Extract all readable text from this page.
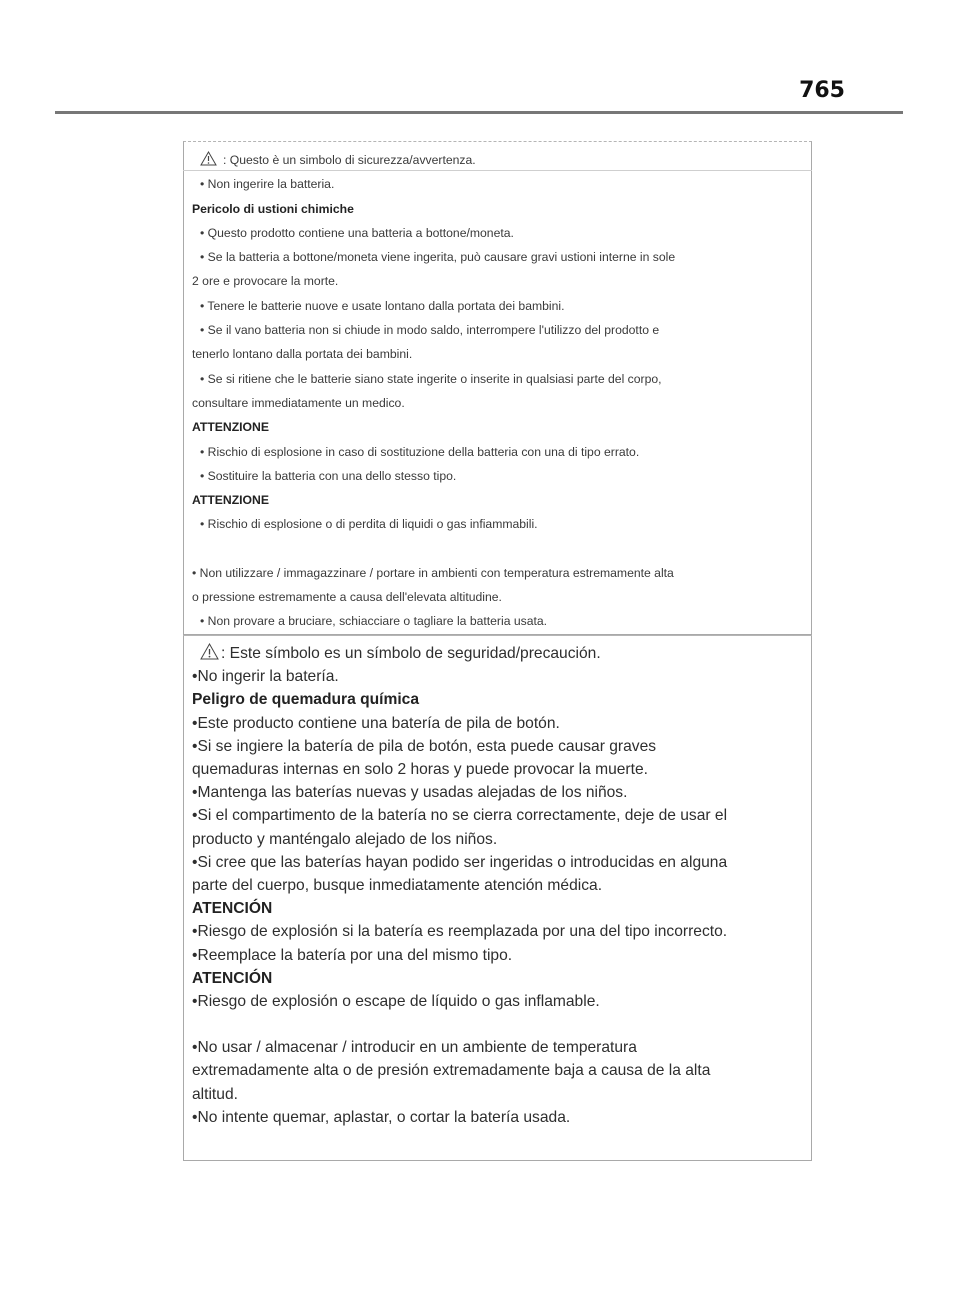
765

: Questo è un simbolo di sicurezza/avvertenza.

• Non ingerire la batteria.

Pericolo di ustioni chimiche

• Questo prodotto contiene una batteria a bottone/moneta.

• Se la batteria a bottone/moneta viene ingerita, può causare gravi ustioni interne in sole

2 ore e provocare la morte.

• Tenere le batterie nuove e usate lontano dalla portata dei bambini.

• Se il vano batteria non si chiude in modo saldo, interrompere l'utilizzo del prodotto e

tenerlo lontano dalla portata dei bambini.

• Se si ritiene che le batterie siano state ingerite o inserite in qualsiasi parte del corpo,

consultare immediatamente un medico.

ATTENZIONE

• Rischio di esplosione in caso di sostituzione della batteria con una di tipo errato.

• Sostituire la batteria con una dello stesso tipo.

ATTENZIONE

• Rischio di esplosione o di perdita di liquidi o gas infiammabili.

• Non utilizzare / immagazzinare / portare in ambienti con temperatura estremamente alta

o pressione estremamente a causa dell'elevata altitudine.

• Non provare a bruciare, schiacciare o tagliare la batteria usata.

: Este símbolo es un símbolo de seguridad/precaución.

•No ingerir la batería.

Peligro de quemadura química

•Este producto contiene una batería de pila de botón.

•Si se ingiere la batería de pila de botón, esta puede causar graves

quemaduras internas en solo 2 horas y puede provocar la muerte.

•Mantenga las baterías nuevas y usadas alejadas de los niños.

•Si el compartimento de la batería no se cierra correctamente, deje de usar el

producto y manténgalo alejado de los niños.

•Si cree que las baterías hayan podido ser ingeridas o introducidas en alguna

parte del cuerpo, busque inmediatamente atención médica.

ATENCIÓN

•Riesgo de explosión si la batería es reemplazada por una del tipo incorrecto.

•Reemplace la batería por una del mismo tipo.

ATENCIÓN

•Riesgo de explosión o escape de líquido o gas inflamable.

•No usar / almacenar / introducir en un ambiente de temperatura

extremadamente alta o de presión extremadamente baja a causa de la alta

altitud.

•No intente quemar, aplastar, o cortar la batería usada.
